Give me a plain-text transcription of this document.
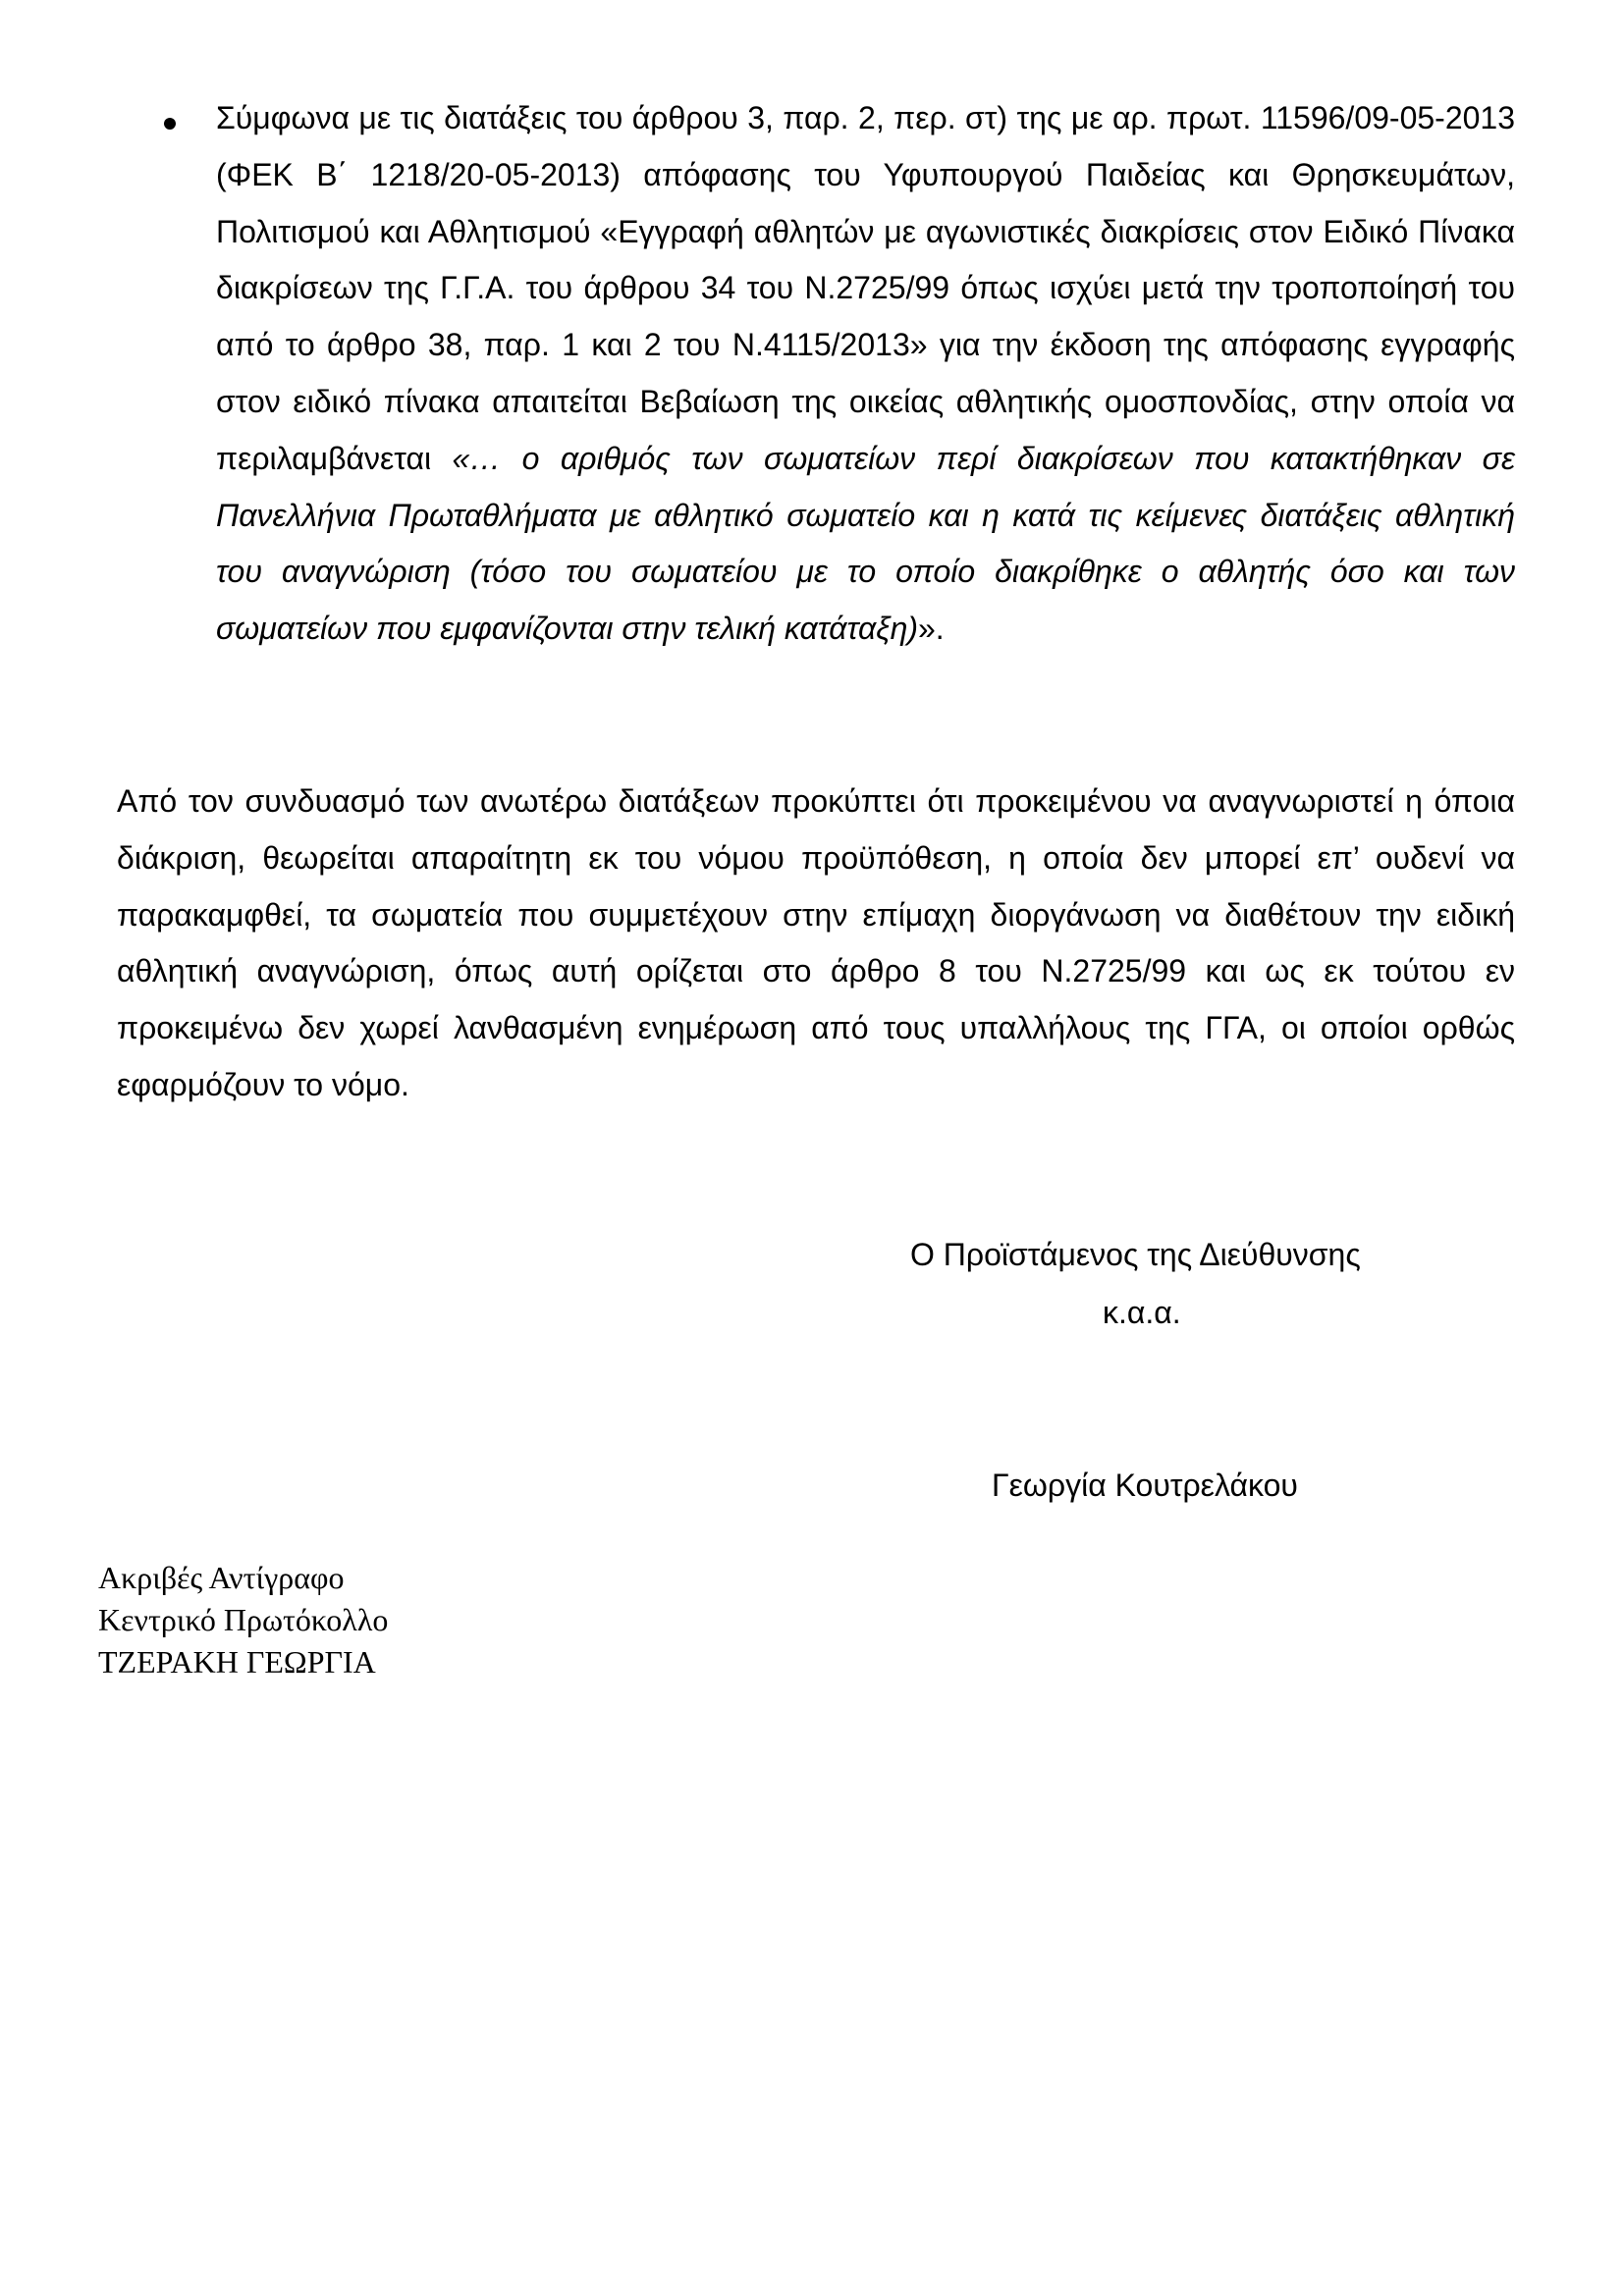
Σύμφωνα με τις διατάξεις του άρθρου 3, παρ. 2, περ. στ) της με αρ. πρωτ. 11596/09-05-2013 (ΦΕΚ Β΄ 1218/20-05-2013) απόφασης του Υφυπουργού Παιδείας και Θρησκευμάτων, Πολιτισμού και Αθλητισμού «Εγγραφή αθλητών με αγωνιστικές διακρίσεις στον Ειδικό Πίνακα διακρίσεων της Γ.Γ.Α. του άρθρου 34 του Ν.2725/99 όπως ισχύει μετά την τροποποίησή του από το άρθρο 38, παρ. 1 και 2 του Ν.4115/2013» για την έκδοση της απόφασης εγγραφής στον ειδικό πίνακα απαιτείται Βεβαίωση της οικείας αθλητικής ομοσπονδίας, στην οποία να περιλαμβάνεται «… ο αριθμός των σωματείων περί διακρίσεων που κατακτήθηκαν σε Πανελλήνια Πρωταθλήματα με αθλητικό σωματείο και η κατά τις κείμενες διατάξεις αθλητική του αναγνώριση (τόσο του σωματείου με το οποίο διακρίθηκε ο αθλητής όσο και των σωματείων που εμφανίζονται στην τελική κατάταξη)».

Από τον συνδυασμό των ανωτέρω διατάξεων προκύπτει ότι προκειμένου να αναγνωριστεί η όποια διάκριση, θεωρείται απαραίτητη εκ του νόμου προϋπόθεση, η οποία δεν μπορεί επ’ ουδενί να παρακαμφθεί, τα σωματεία που συμμετέχουν στην επίμαχη διοργάνωση να διαθέτουν την ειδική αθλητική αναγνώριση, όπως αυτή ορίζεται στο άρθρο 8 του Ν.2725/99 και ως εκ τούτου εν προκειμένω δεν χωρεί λανθασμένη ενημέρωση από τους υπαλλήλους της ΓΓΑ, οι οποίοι ορθώς εφαρμόζουν το νόμο.

Ο Προϊστάμενος της Διεύθυνσης
κ.α.α.
Γεωργία Κουτρελάκου
Ακριβές Αντίγραφο
Κεντρικό Πρωτόκολλο
ΤΖΕΡΑΚΗ ΓΕΩΡΓΙΑ
